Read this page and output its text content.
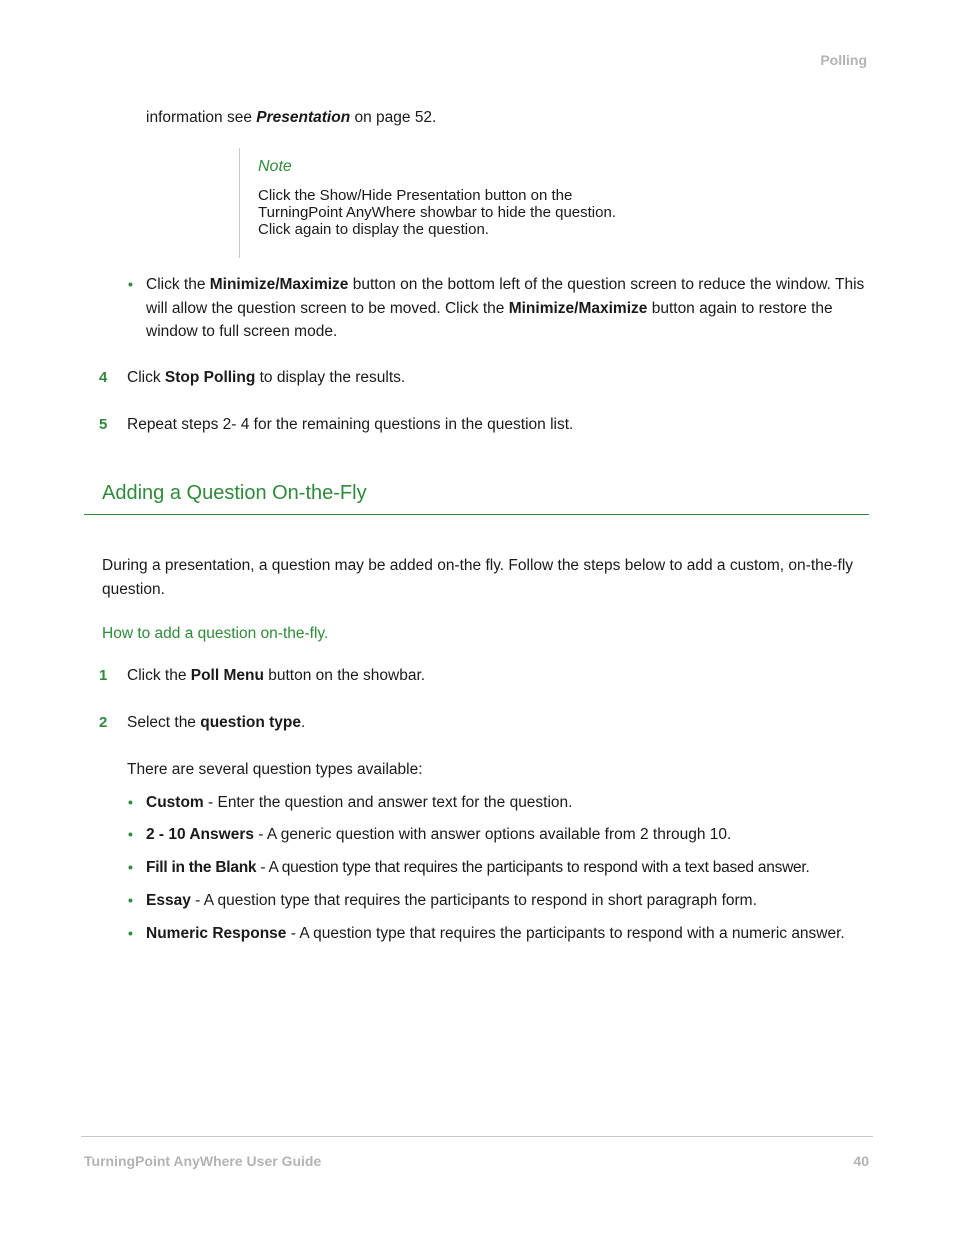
Polling
information see Presentation on page 52.
Note
Click the Show/Hide Presentation button on the TurningPoint AnyWhere showbar to hide the question. Click again to display the question.
• Click the Minimize/Maximize button on the bottom left of the question screen to reduce the window. This will allow the question screen to be moved. Click the Minimize/Maximize button again to restore the window to full screen mode.
4 Click Stop Polling to display the results.
5 Repeat steps 2- 4 for the remaining questions in the question list.
Adding a Question On-the-Fly
During a presentation, a question may be added on-the fly. Follow the steps below to add a custom, on-the-fly question.
How to add a question on-the-fly.
1 Click the Poll Menu button on the showbar.
2 Select the question type.
There are several question types available:
• Custom - Enter the question and answer text for the question.
• 2 - 10 Answers - A generic question with answer options available from 2 through 10.
• Fill in the Blank - A question type that requires the participants to respond with a text based answer.
• Essay - A question type that requires the participants to respond in short paragraph form.
• Numeric Response - A question type that requires the participants to respond with a numeric answer.
TurningPoint AnyWhere User Guide	40
